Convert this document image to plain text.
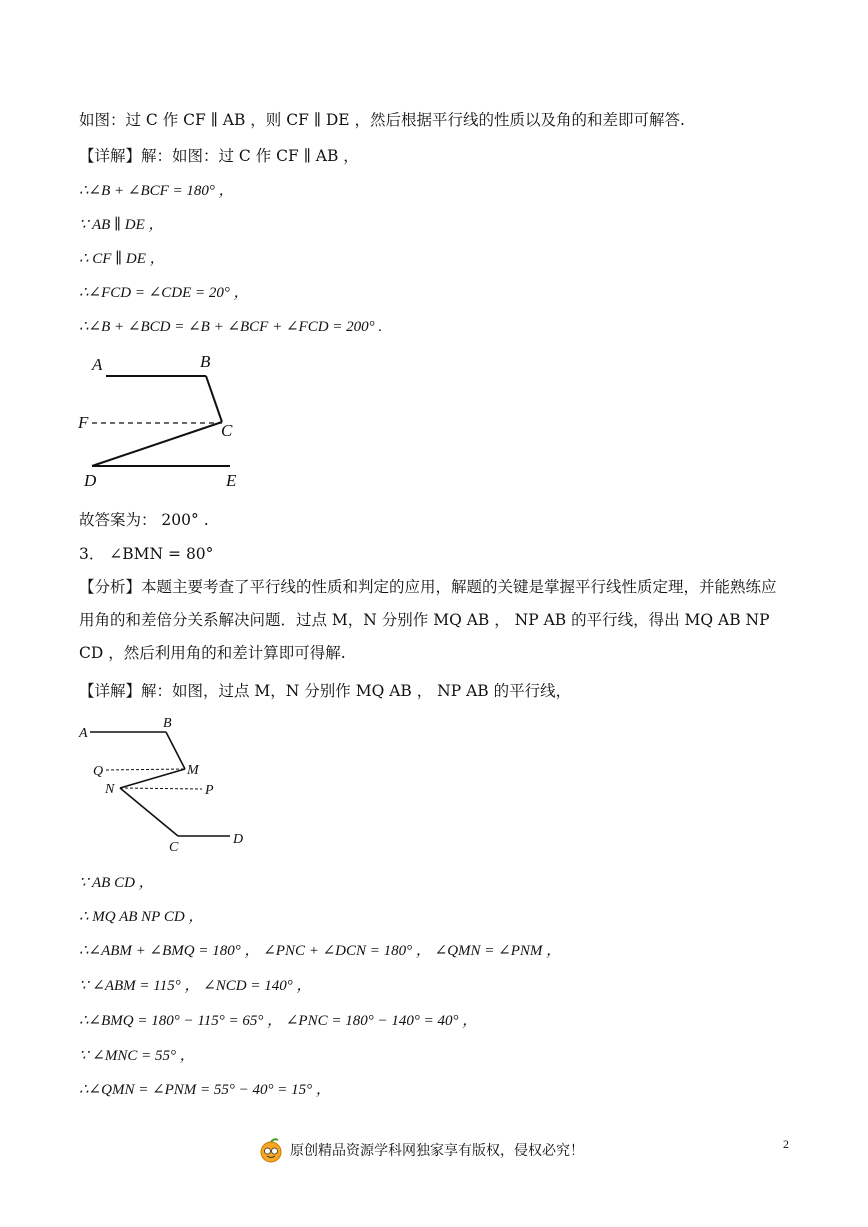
如图：过 C 作 CF ∥ AB ，则 CF ∥ DE ，然后根据平行线的性质以及角的和差即可解答.
【详解】解：如图：过 C 作 CF ∥ AB ，
∴∠B + ∠BCF = 180° ，
∵ AB ∥ DE ，
∴ CF ∥ DE ，
∴∠FCD = ∠CDE = 20° ，
∴∠B + ∠BCD = ∠B + ∠BCF + ∠FCD = 200° .
A	B
F	C
D	E
故答案为： 200° .
3． ∠BMN = 80°
【分析】本题主要考查了平行线的性质和判定的应用，解题的关键是掌握平行线性质定理，并能熟练应用角的和差倍分关系解决问题．过点 M，N 分别作 MQ AB ， NP AB 的平行线，得出 MQ AB NP CD ，然后利用角的和差计算即可得解.
【详解】解：如图，过点 M，N 分别作 MQ AB ， NP AB 的平行线，
A
B
Q	M
N	P
C
D
∵ AB CD ，
∴ MQ AB NP CD ，
∴∠ABM + ∠BMQ = 180° ， ∠PNC + ∠DCN = 180° ， ∠QMN = ∠PNM ，
∵ ∠ABM = 115° ， ∠NCD = 140° ，
∴∠BMQ = 180° − 115° = 65° ， ∠PNC = 180° − 140° = 40° ，
∵ ∠MNC = 55° ，
∴∠QMN = ∠PNM = 55° − 40° = 15° ，
原创精品资源学科网独家享有版权，侵权必究！	2
